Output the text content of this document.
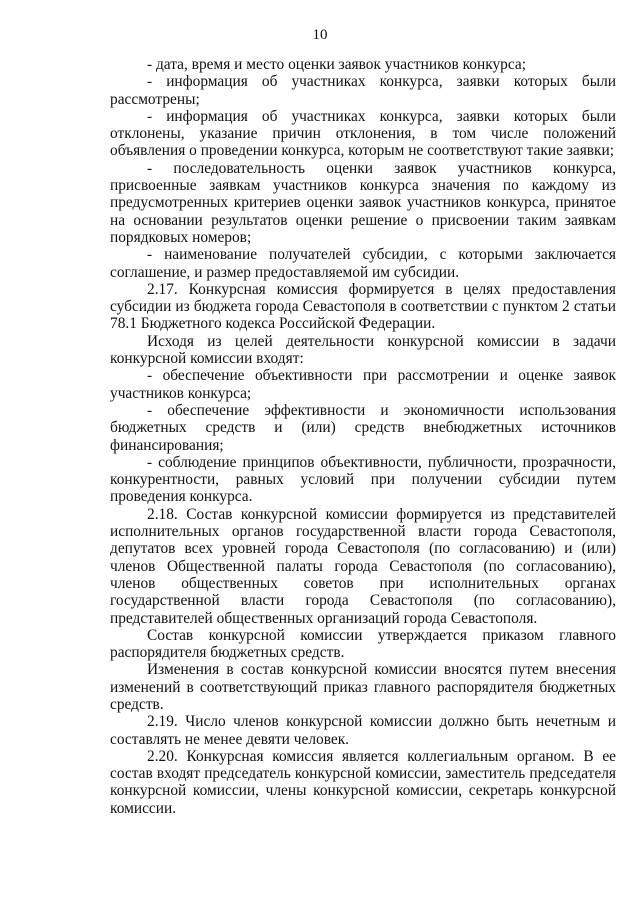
10

- дата, время и место оценки заявок участников конкурса;

- информация об участниках конкурса, заявки которых были рассмотрены;

- информация об участниках конкурса, заявки которых были отклонены, указание причин отклонения, в том числе положений объявления о проведении конкурса, которым не соответствуют такие заявки;

- последовательность оценки заявок участников конкурса, присвоенные заявкам участников конкурса значения по каждому из предусмотренных критериев оценки заявок участников конкурса, принятое на основании результатов оценки решение о присвоении таким заявкам порядковых номеров;

- наименование получателей субсидии, с которыми заключается соглашение, и размер предоставляемой им субсидии.

2.17. Конкурсная комиссия формируется в целях предоставления субсидии из бюджета города Севастополя в соответствии с пунктом 2 статьи 78.1 Бюджетного кодекса Российской Федерации.

Исходя из целей деятельности конкурсной комиссии в задачи конкурсной комиссии входят:

- обеспечение объективности при рассмотрении и оценке заявок участников конкурса;

- обеспечение эффективности и экономичности использования бюджетных средств и (или) средств внебюджетных источников финансирования;

- соблюдение принципов объективности, публичности, прозрачности, конкурентности, равных условий при получении субсидии путем проведения конкурса.

2.18. Состав конкурсной комиссии формируется из представителей исполнительных органов государственной власти города Севастополя, депутатов всех уровней города Севастополя (по согласованию) и (или) членов Общественной палаты города Севастополя (по согласованию), членов общественных советов при исполнительных органах государственной власти города Севастополя (по согласованию), представителей общественных организаций города Севастополя.

Состав конкурсной комиссии утверждается приказом главного распорядителя бюджетных средств.

Изменения в состав конкурсной комиссии вносятся путем внесения изменений в соответствующий приказ главного распорядителя бюджетных средств.

2.19. Число членов конкурсной комиссии должно быть нечетным и составлять не менее девяти человек.

2.20. Конкурсная комиссия является коллегиальным органом. В ее состав входят председатель конкурсной комиссии, заместитель председателя конкурсной комиссии, члены конкурсной комиссии, секретарь конкурсной комиссии.
